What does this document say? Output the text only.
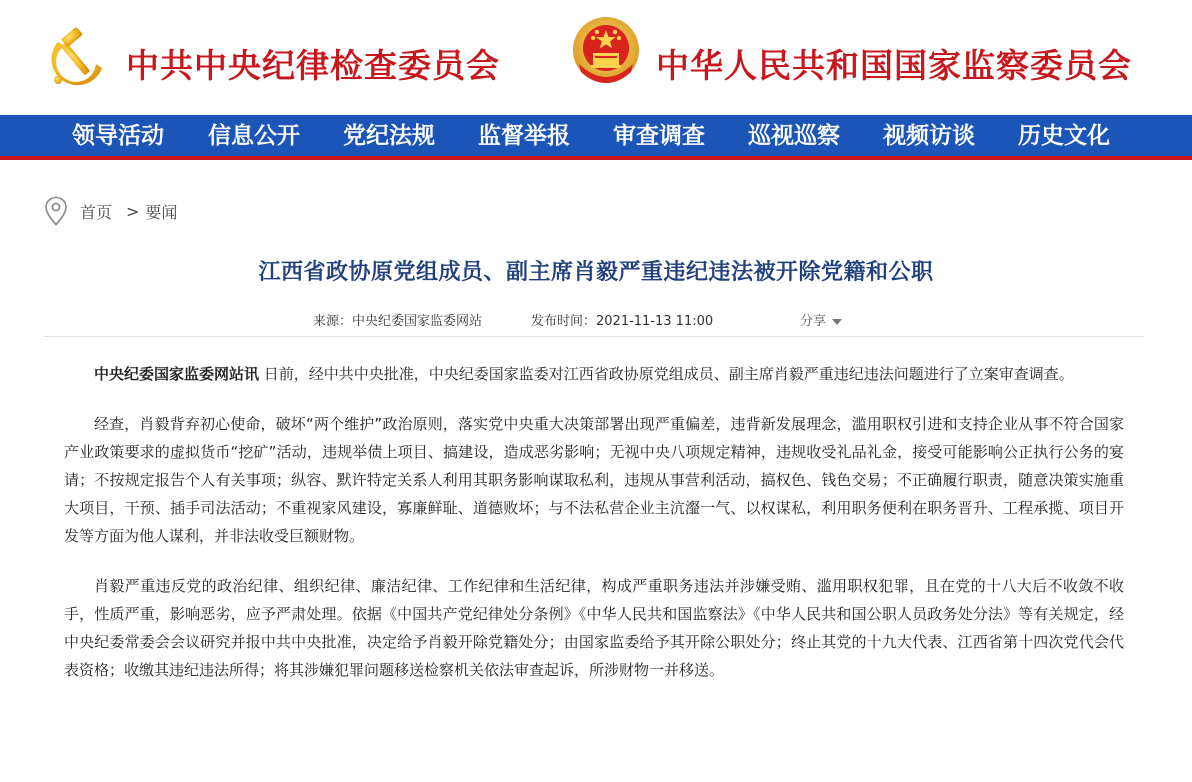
中共中央纪律检查委员会	中华人民共和国国家监察委员会
领导活动 信息公开 党纪法规 监督举报 审查调查 巡视巡察 视频访谈 历史文化
首页 > 要闻
江西省政协原党组成员、副主席肖毅严重违纪违法被开除党籍和公职
来源：中央纪委国家监委网站	发布时间：2021-11-13 11:00	分享

中央纪委国家监委网站讯 日前，经中共中央批准，中央纪委国家监委对江西省政协原党组成员、副主席肖毅严重违纪违法问题进行了立案审查调查。

经查，肖毅背弃初心使命，破坏“两个维护”政治原则，落实党中央重大决策部署出现严重偏差，违背新发展理念，滥用职权引进和支持企业从事不符合国家产业政策要求的虚拟货币“挖矿”活动，违规举债上项目、搞建设，造成恶劣影响；无视中央八项规定精神，违规收受礼品礼金，接受可能影响公正执行公务的宴请；不按规定报告个人有关事项；纵容、默许特定关系人利用其职务影响谋取私利，违规从事营利活动，搞权色、钱色交易；不正确履行职责，随意决策实施重大项目，干预、插手司法活动；不重视家风建设，寡廉鲜耻、道德败坏；与不法私营企业主沆瀣一气、以权谋私，利用职务便利在职务晋升、工程承揽、项目开发等方面为他人谋利，并非法收受巨额财物。

肖毅严重违反党的政治纪律、组织纪律、廉洁纪律、工作纪律和生活纪律，构成严重职务违法并涉嫌受贿、滥用职权犯罪，且在党的十八大后不收敛不收手，性质严重，影响恶劣，应予严肃处理。依据《中国共产党纪律处分条例》《中华人民共和国监察法》《中华人民共和国公职人员政务处分法》等有关规定，经中央纪委常委会会议研究并报中共中央批准，决定给予肖毅开除党籍处分；由国家监委给予其开除公职处分；终止其党的十九大代表、江西省第十四次党代会代表资格；收缴其违纪违法所得；将其涉嫌犯罪问题移送检察机关依法审查起诉，所涉财物一并移送。
